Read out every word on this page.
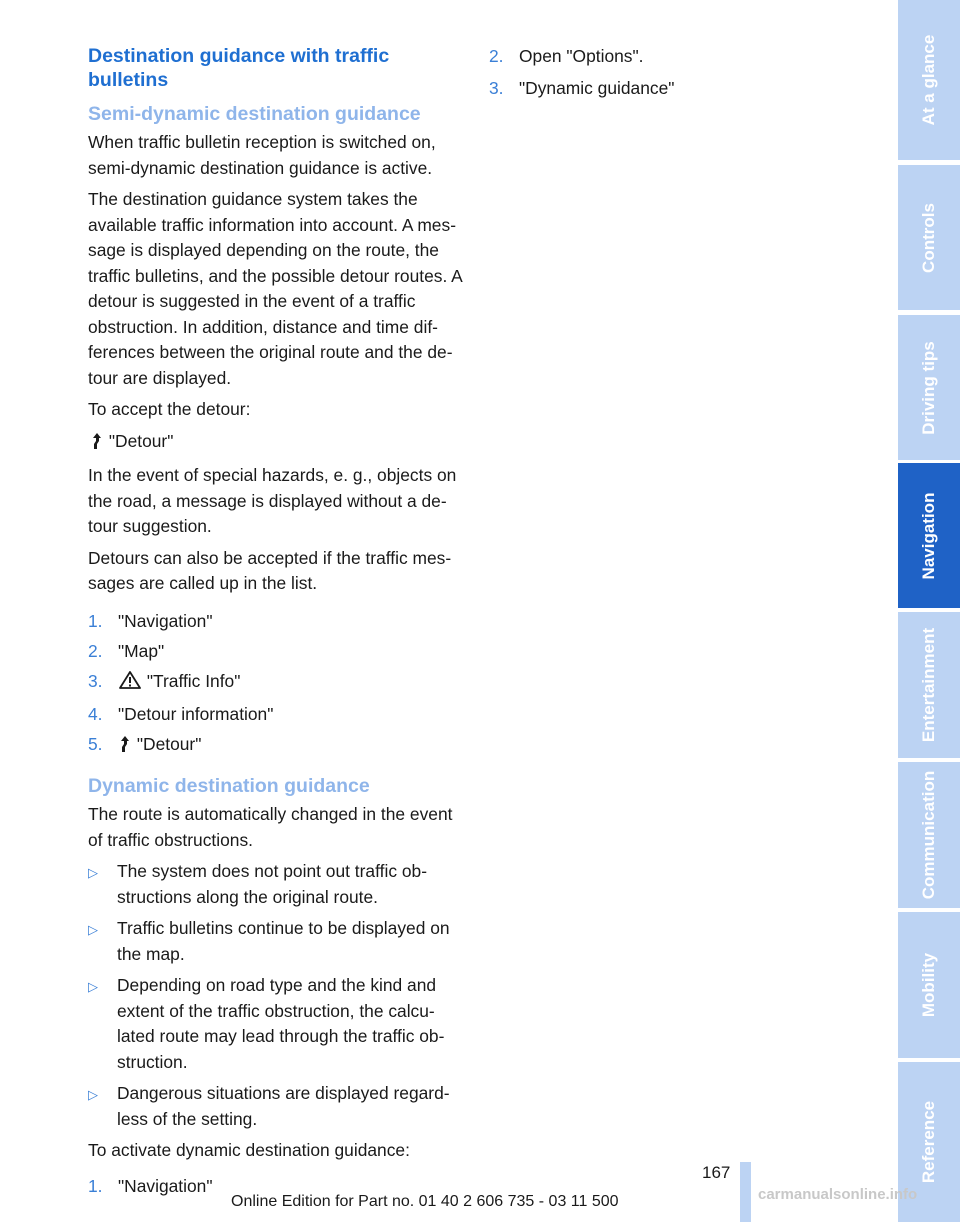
Destination guidance with traffic bulletins
Semi-dynamic destination guidance

When traffic bulletin reception is switched on, semi-dynamic destination guidance is active.

The destination guidance system takes the available traffic information into account. A message is displayed depending on the route, the traffic bulletins, and the possible detour routes. A detour is suggested in the event of a traffic obstruction. In addition, distance and time differences between the original route and the detour are displayed.

To accept the detour:

"Detour"

In the event of special hazards, e. g., objects on the road, a message is displayed without a detour suggestion.

Detours can also be accepted if the traffic messages are called up in the list.

1. "Navigation"
2. "Map"
3.	"Traffic Info"
4. "Detour information"
5.	"Detour"
Dynamic destination guidance

The route is automatically changed in the event of traffic obstructions.

▷	The system does not point out traffic obstructions along the original route.
▷	Traffic bulletins continue to be displayed on the map.
▷	Depending on road type and the kind and extent of the traffic obstruction, the calculated route may lead through the traffic obstruction.
▷	Dangerous situations are displayed regardless of the setting.

To activate dynamic destination guidance:

1. "Navigation"
2. Open "Options".
3. "Dynamic guidance"	At a glance
Controls
Driving tips
Navigation
Entertainment
Communication
Mobility
Reference
167
Online Edition for Part no. 01 40 2 606 735 - 03 11 500	carmanualsonline.info
